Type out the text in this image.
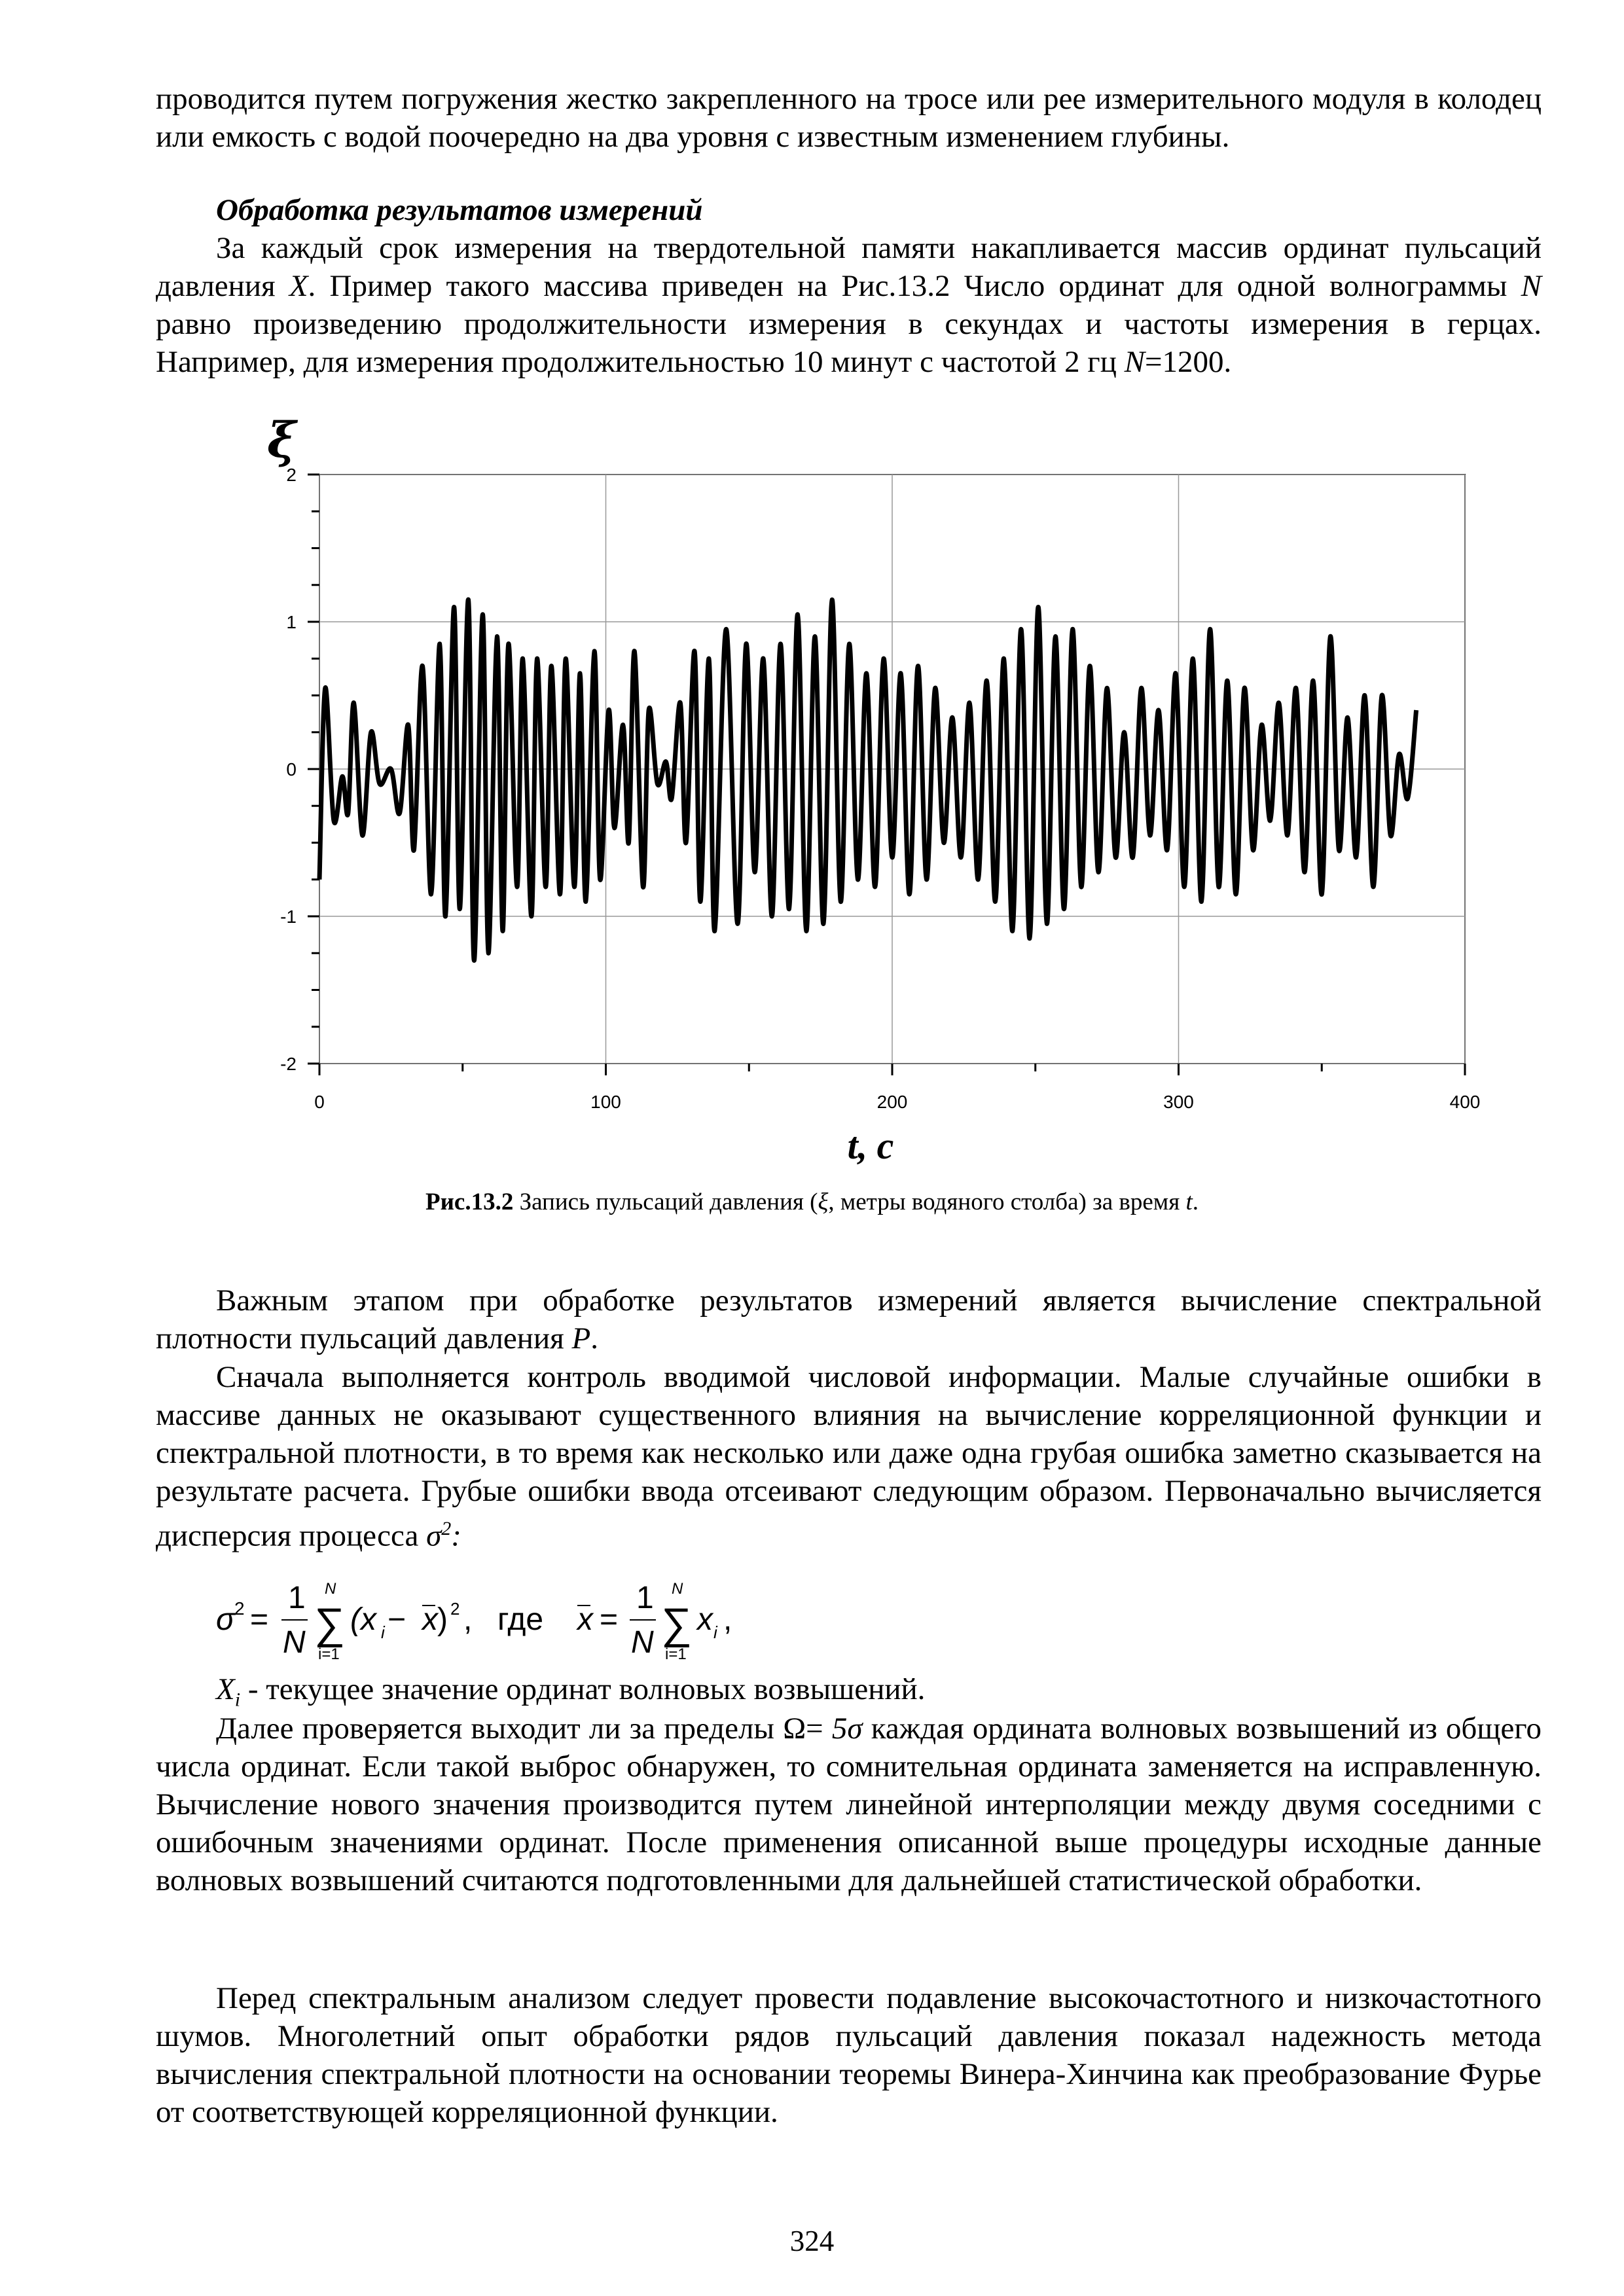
проводится путем погружения жестко закрепленного на тросе или рее измерительного модуля в колодец или емкость с водой поочередно на два уровня с известным изменением глубины.

Обработка результатов измерений

За каждый срок измерения на твердотельной памяти накапливается массив ординат пульсаций давления X. Пример такого массива приведен на Рис.13.2 Число ординат для одной волнограммы N равно произведению продолжительности измерения в секундах и частоты измерения в герцах. Например, для измерения продолжительностью 10 минут с частотой 2 гц N=1200.

0	100	200	300	400
2
1
0
-1
-2
ξ
t, с
Рис.13.2 Запись пульсаций давления (ξ, метры водяного столба) за время t.

Важным этапом при обработке результатов измерений является вычисление спектральной плотности пульсаций давления P.

Сначала выполняется контроль вводимой числовой информации. Малые случайные ошибки в массиве данных не оказывают существенного влияния на вычисление корреляционной функции и спектральной плотности, в то время как несколько или даже одна грубая ошибка заметно сказывается на результате расчета. Грубые ошибки ввода отсеивают следующим образом. Первоначально вычисляется дисперсия процесса $\sigma^2$:

σ 2 =
1
N ∑
N
i=1
(x i − x ) 2 , где x =
1
N ∑
N
i=1
x i ,

$X_i$ - текущее значение ординат волновых возвышений.

Далее проверяется выходит ли за пределы Ω= 5σ каждая ордината волновых возвышений из общего числа ординат. Если такой выброс обнаружен, то сомнительная ордината заменяется на исправленную. Вычисление нового значения производится путем линейной интерполяции между двумя соседними с ошибочным значениями ординат. После применения описанной выше процедуры исходные данные волновых возвышений считаются подготовленными для дальнейшей статистической обработки.

Перед спектральным анализом следует провести подавление высокочастотного и низкочастотного шумов. Многолетний опыт обработки рядов пульсаций давления показал надежность метода вычисления спектральной плотности на основании теоремы Винера-Хинчина как преобразование Фурье от соответствующей корреляционной функции.

324
